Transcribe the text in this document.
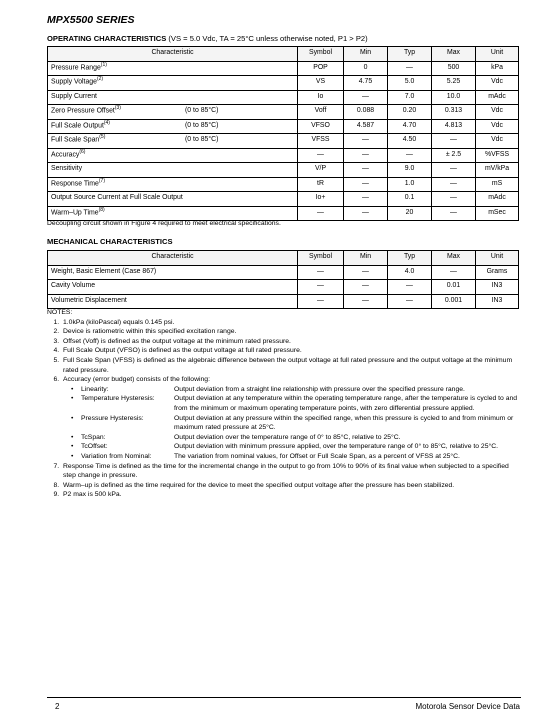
MPX5500 SERIES
OPERATING CHARACTERISTICS (VS = 5.0 Vdc, TA = 25°C unless otherwise noted, P1 > P2)
Characteristic	Symbol	Min	Typ	Max	Unit
Pressure Range$^{(1)}$	POP	0	—	500	kPa
Supply Voltage$^{(2)}$	VS	4.75	5.0	5.25	Vdc
Supply Current	Io	—	7.0	10.0	mAdc
Zero Pressure Offset$^{(3)}$ (0 to 85°C)	Voff	0.088	0.20	0.313	Vdc
Full Scale Output$^{(4)}$ (0 to 85°C)	VFSO	4.587	4.70	4.813	Vdc
Full Scale Span$^{(5)}$ (0 to 85°C)	VFSS	—	4.50	—	Vdc
Accuracy$^{(6)}$	—	—	—	± 2.5	%VFSS
Sensitivity	V/P	—	9.0	—	mV/kPa
Response Time$^{(7)}$	tR	—	1.0	—	mS
Output Source Current at Full Scale Output	Io+	—	0.1	—	mAdc
Warm–Up Time$^{(8)}$	—	—	20	—	mSec
Decoupling circuit shown in Figure 4 required to meet electrical specifications.
MECHANICAL CHARACTERISTICS
Characteristic	Symbol	Min	Typ	Max	Unit
Weight, Basic Element (Case 867)	—	—	4.0	—	Grams
Cavity Volume	—	—	—	0.01	IN3
Volumetric Displacement	—	—	—	0.001	IN3
NOTES:
1. 1.0kPa (kiloPascal) equals 0.145 psi.
2. Device is ratiometric within this specified excitation range.
3. Offset (Voff) is defined as the output voltage at the minimum rated pressure.
4. Full Scale Output (VFSO) is defined as the output voltage at full rated pressure.
5. Full Scale Span (VFSS) is defined as the algebraic difference between the output voltage at full rated pressure and the output voltage at the minimum rated pressure.
6. Accuracy (error budget) consists of the following:
•	Linearity:	Output deviation from a straight line relationship with pressure over the specified pressure range.
•	Temperature Hysteresis:	Output deviation at any temperature within the operating temperature range, after the temperature is cycled to and from the minimum or maximum operating temperature points, with zero differential pressure applied.
•	Pressure Hysteresis:	Output deviation at any pressure within the specified range, when this pressure is cycled to and from minimum or maximum rated pressure at 25°C.
•	TcSpan:	Output deviation over the temperature range of 0° to 85°C, relative to 25°C.
•	TcOffset:	Output deviation with minimum pressure applied, over the temperature range of 0° to 85°C, relative to 25°C.
•	Variation from Nominal:	The variation from nominal values, for Offset or Full Scale Span, as a percent of VFSS at 25°C.
7. Response Time is defined as the time for the incremental change in the output to go from 10% to 90% of its final value when subjected to a specified step change in pressure.
8. Warm–up is defined as the time required for the device to meet the specified output voltage after the pressure has been stabilized.
9. P2 max is 500 kPa.
2	Motorola Sensor Device Data
